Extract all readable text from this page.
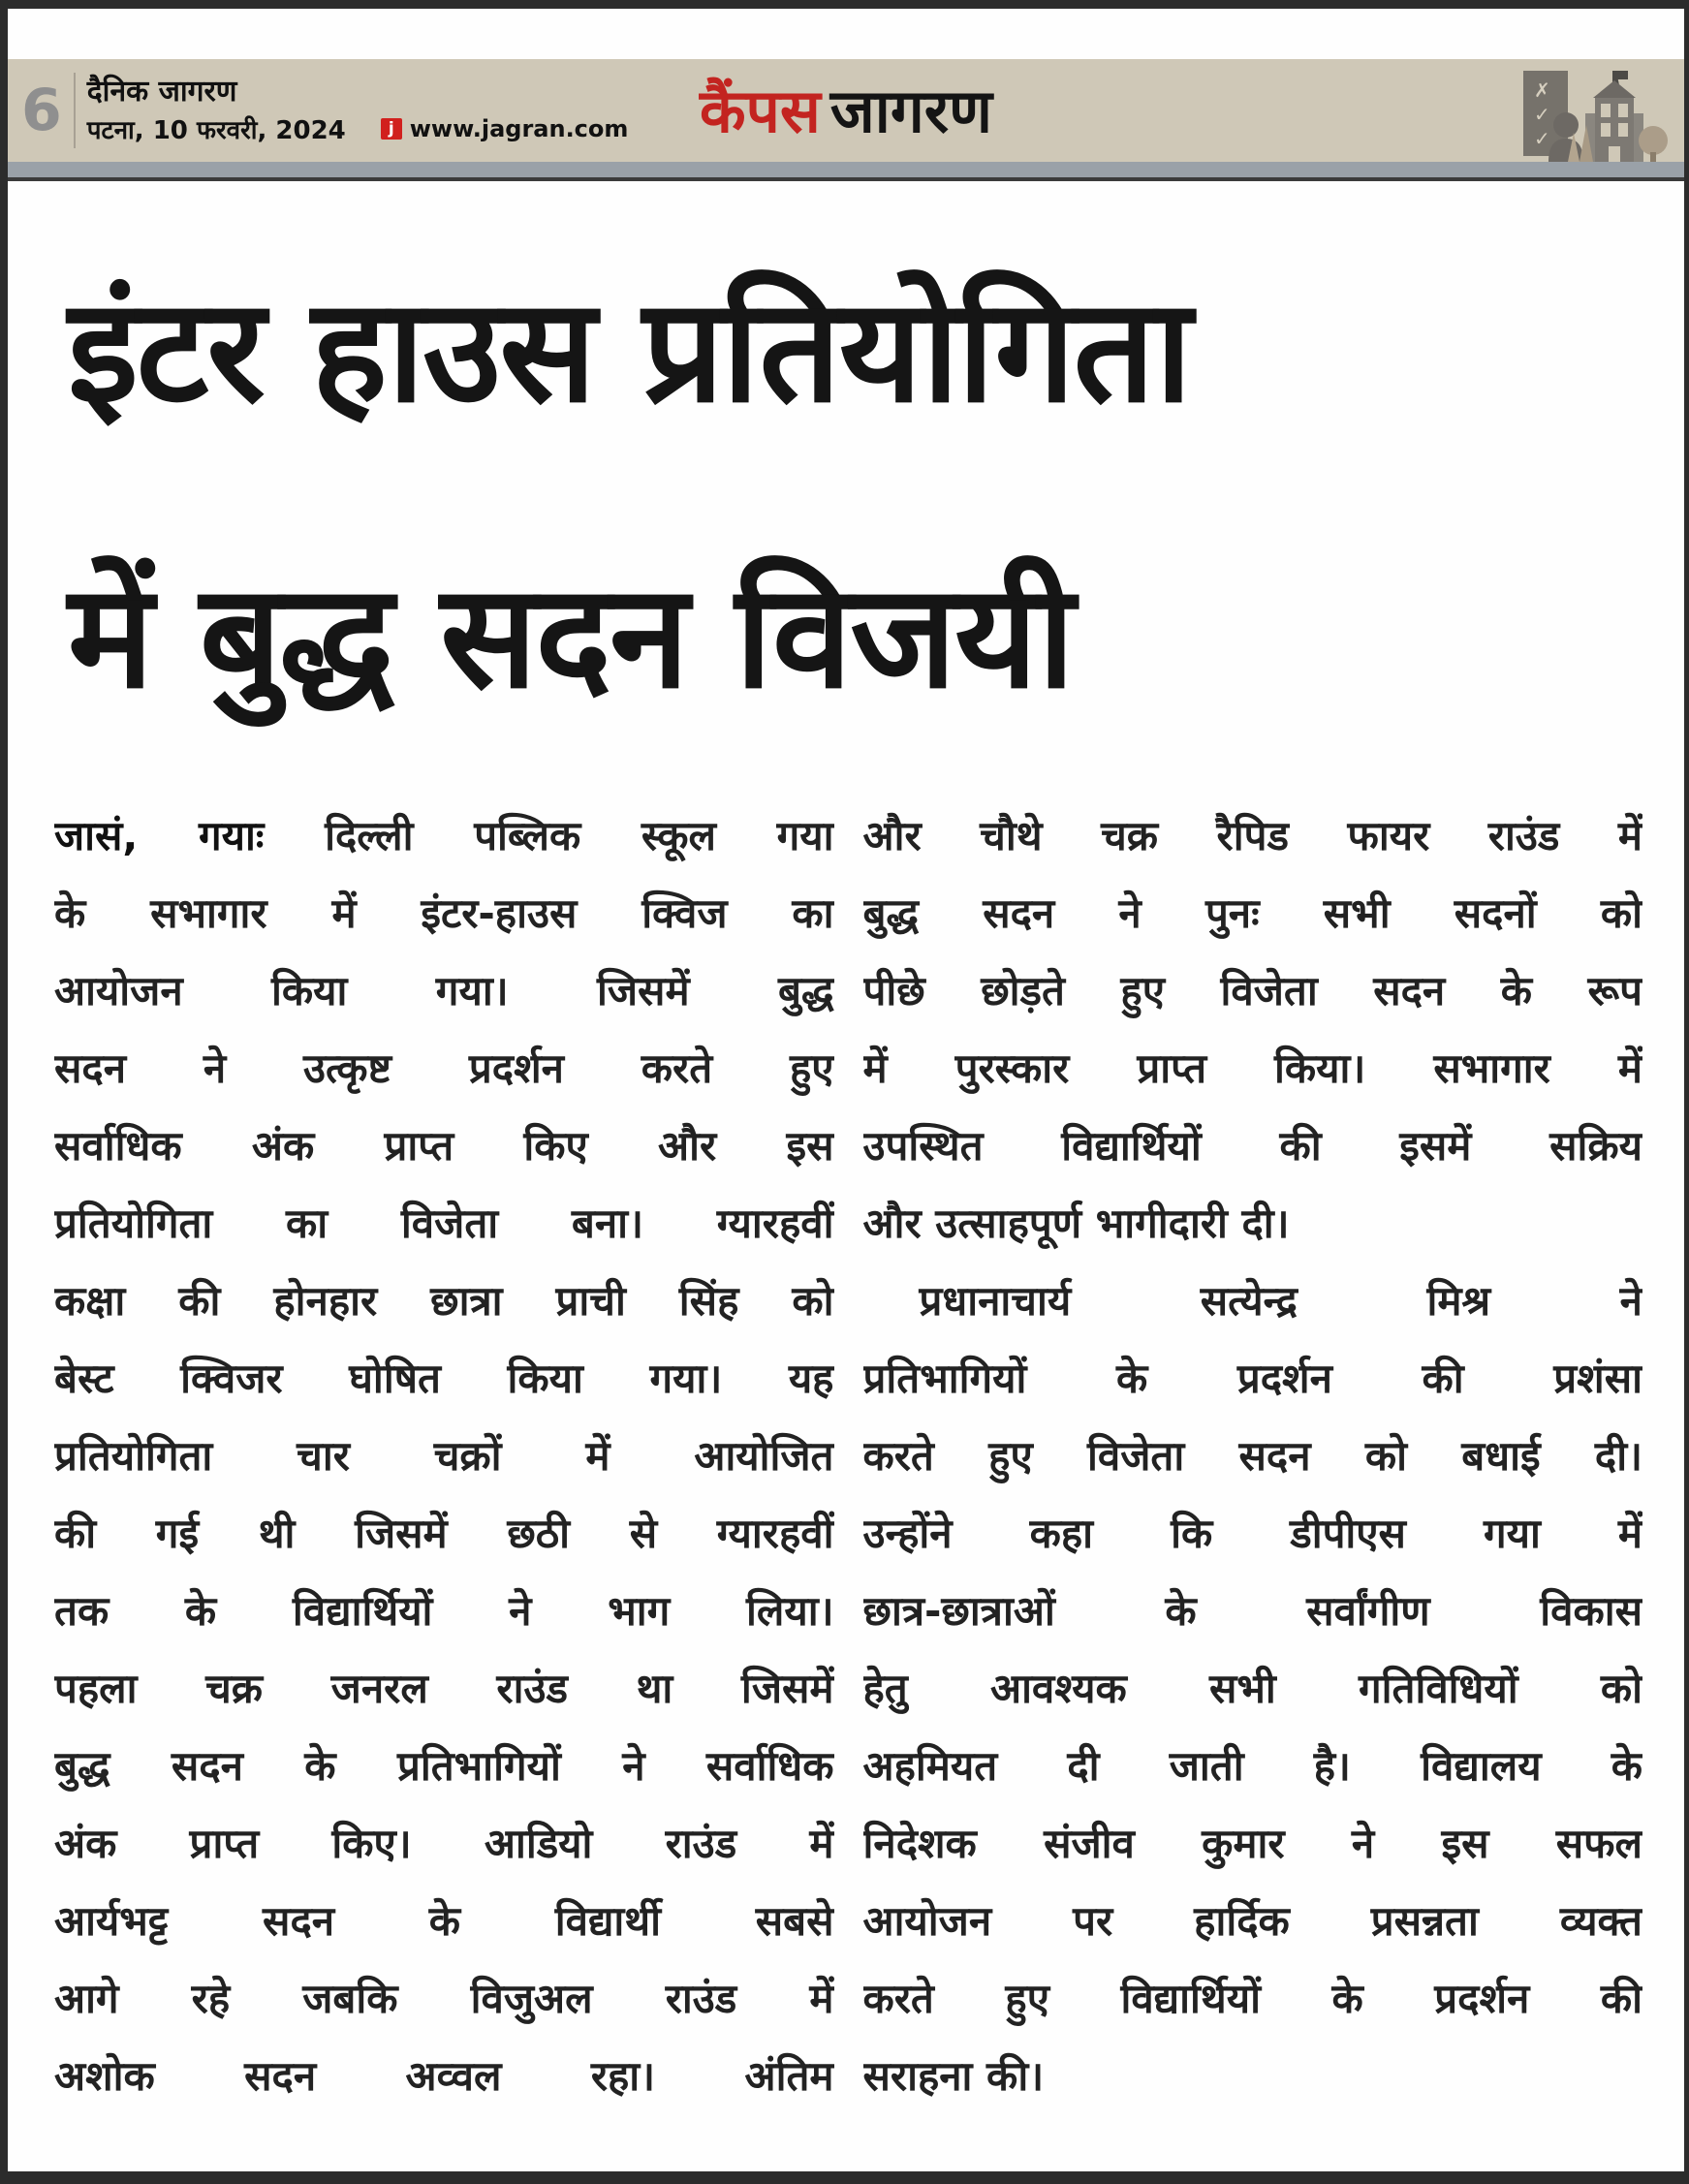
6 दैनिक जागरण
पटना, 10 फरवरी, 2024	j www.jagran.com कैंपस जागरण	✗
✓
✓
इंटर हाउस प्रतियोगिता
में बुद्ध सदन विजयी
जासं, गयाः दिल्ली पब्लिक स्कूल गया
के सभागार में इंटर-हाउस क्विज का
आयोजन किया गया। जिसमें बुद्ध
सदन ने उत्कृष्ट प्रदर्शन करते हुए
सर्वाधिक अंक प्राप्त किए और इस
प्रतियोगिता का विजेता बना। ग्यारहवीं
कक्षा की होनहार छात्रा प्राची सिंह को
बेस्ट क्विजर घोषित किया गया। यह
प्रतियोगिता चार चक्रों में आयोजित
की गई थी जिसमें छठी से ग्यारहवीं
तक के विद्यार्थियों ने भाग लिया।
पहला चक्र जनरल राउंड था जिसमें
बुद्ध सदन के प्रतिभागियों ने सर्वाधिक
अंक प्राप्त किए। आडियो राउंड में
आर्यभट्ट सदन के विद्यार्थी सबसे
आगे रहे जबकि विजुअल राउंड में
अशोक सदन अव्वल रहा। अंतिम
और चौथे चक्र रैपिड फायर राउंड में
बुद्ध सदन ने पुनः सभी सदनों को
पीछे छोड़ते हुए विजेता सदन के रूप
में पुरस्कार प्राप्त किया। सभागार में
उपस्थित विद्यार्थियों की इसमें सक्रिय
और उत्साहपूर्ण भागीदारी दी।
प्रधानाचार्य सत्येन्द्र मिश्र ने
प्रतिभागियों के प्रदर्शन की प्रशंसा
करते हुए विजेता सदन को बधाई दी।
उन्होंने कहा कि डीपीएस गया में
छात्र-छात्राओं के सर्वांगीण विकास
हेतु आवश्यक सभी गतिविधियों को
अहमियत दी जाती है। विद्यालय के
निदेशक संजीव कुमार ने इस सफल
आयोजन पर हार्दिक प्रसन्नता व्यक्त
करते हुए विद्यार्थियों के प्रदर्शन की
सराहना की।
